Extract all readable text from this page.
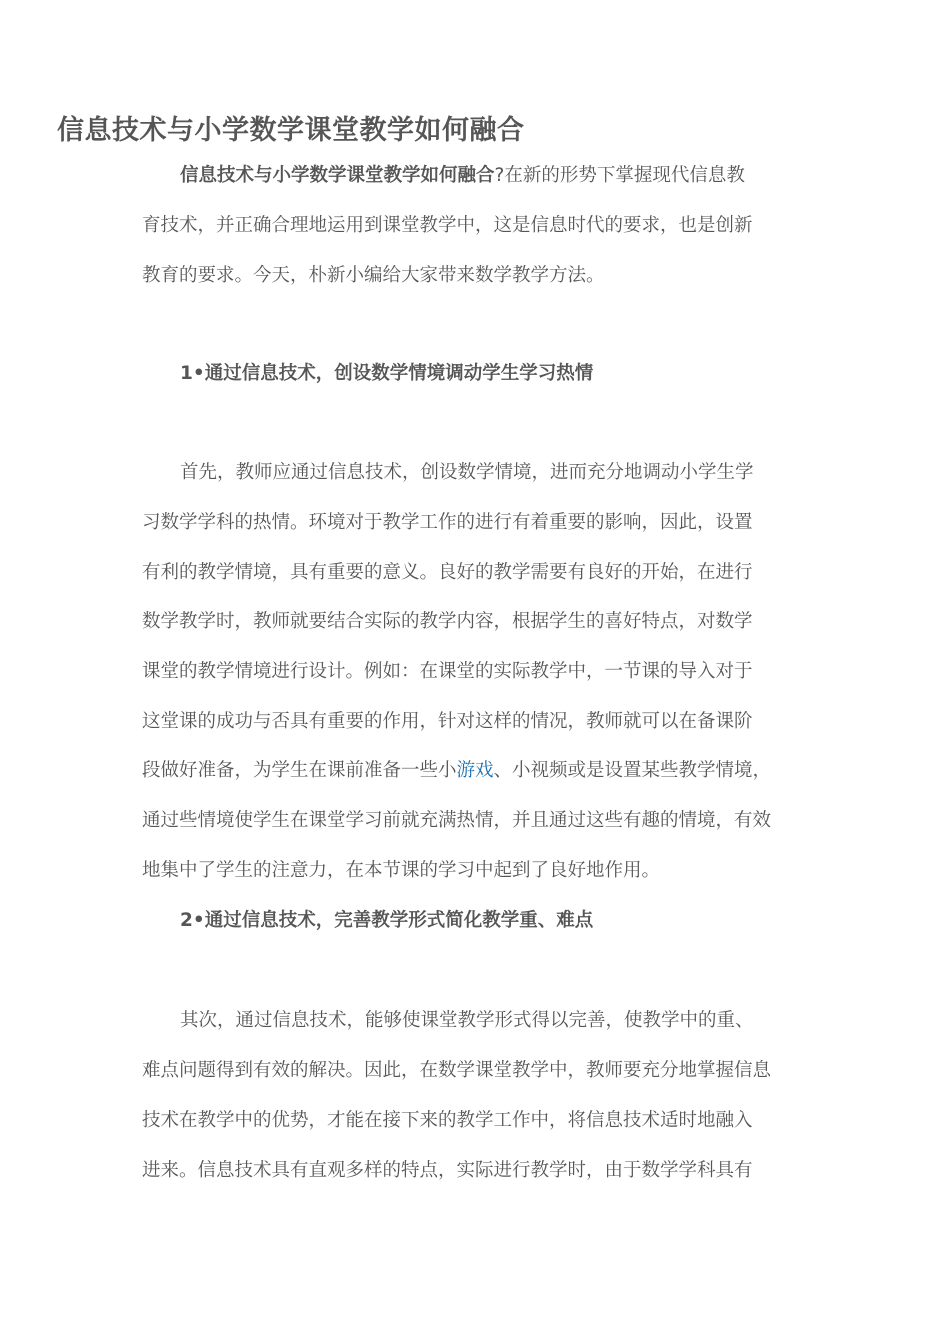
信息技术与小学数学课堂教学如何融合
信息技术与小学数学课堂教学如何融合?在新的形势下掌握现代信息教
育技术，并正确合理地运用到课堂教学中，这是信息时代的要求，也是创新
教育的要求。今天，朴新小编给大家带来数学教学方法。
1•通过信息技术，创设数学情境调动学生学习热情
首先，教师应通过信息技术，创设数学情境，进而充分地调动小学生学
习数学学科的热情。环境对于教学工作的进行有着重要的影响，因此，设置
有利的教学情境，具有重要的意义。良好的教学需要有良好的开始，在进行
数学教学时，教师就要结合实际的教学内容，根据学生的喜好特点，对数学
课堂的教学情境进行设计。例如：在课堂的实际教学中，一节课的导入对于
这堂课的成功与否具有重要的作用，针对这样的情况，教师就可以在备课阶
段做好准备，为学生在课前准备一些小游戏、小视频或是设置某些教学情境，
通过些情境使学生在课堂学习前就充满热情，并且通过这些有趣的情境，有效
地集中了学生的注意力，在本节课的学习中起到了良好地作用。
2•通过信息技术，完善教学形式简化教学重、难点
其次，通过信息技术，能够使课堂教学形式得以完善，使教学中的重、
难点问题得到有效的解决。因此，在数学课堂教学中，教师要充分地掌握信息
技术在教学中的优势，才能在接下来的教学工作中，将信息技术适时地融入
进来。信息技术具有直观多样的特点，实际进行教学时，由于数学学科具有
